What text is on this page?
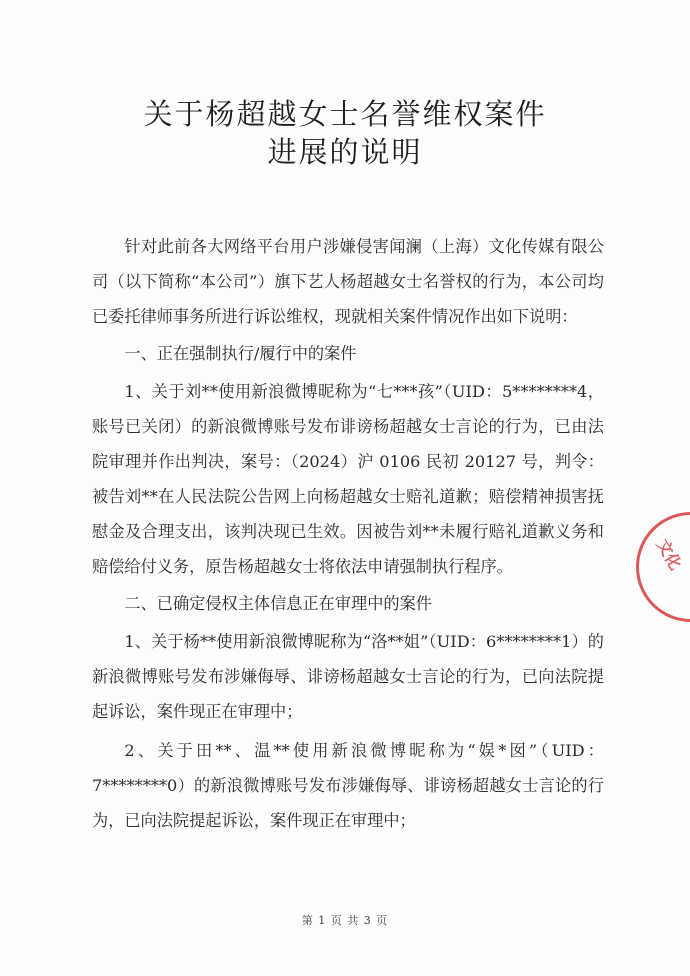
关于杨超越女士名誉维权案件
进展的说明

针对此前各大网络平台用户涉嫌侵害闻澜（上海）文化传媒有限公司（以下简称“本公司”）旗下艺人杨超越女士名誉权的行为，本公司均已委托律师事务所进行诉讼维权，现就相关案件情况作出如下说明：

一、正在强制执行/履行中的案件

1、关于刘**使用新浪微博昵称为“七***孩”（UID：5********4，账号已关闭）的新浪微博账号发布诽谤杨超越女士言论的行为，已由法院审理并作出判决，案号：（2024）沪 0106 民初 20127 号，判令：被告刘**在人民法院公告网上向杨超越女士赔礼道歉；赔偿精神损害抚慰金及合理支出，该判决现已生效。因被告刘**未履行赔礼道歉义务和赔偿给付义务，原告杨超越女士将依法申请强制执行程序。

二、已确定侵权主体信息正在审理中的案件

1、关于杨**使用新浪微博昵称为“洛**姐”（UID：6********1）的新浪微博账号发布涉嫌侮辱、诽谤杨超越女士言论的行为，已向法院提起诉讼，案件现正在审理中；

2、关于田**、温**使用新浪微博昵称为“娱*囡”（UID：7********0）的新浪微博账号发布涉嫌侮辱、诽谤杨超越女士言论的行为，已向法院提起诉讼，案件现正在审理中；

文化
第 1 页 共 3 页
